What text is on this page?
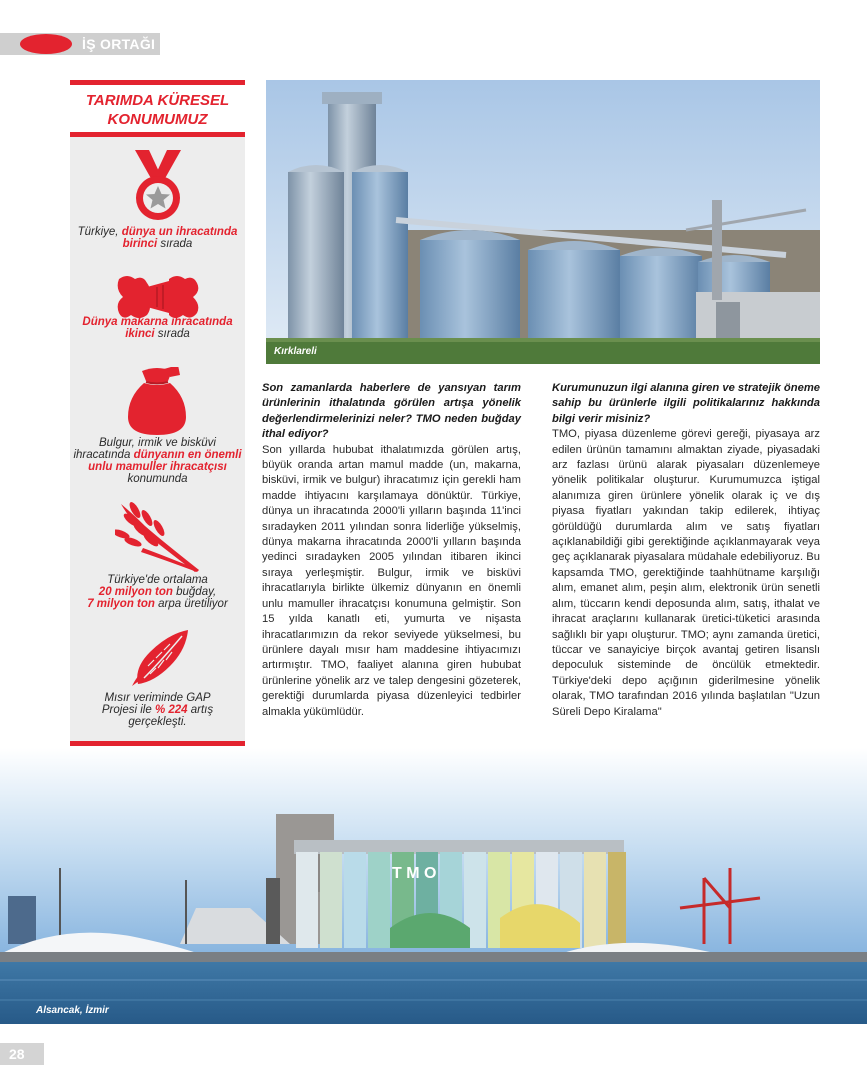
İŞ ORTAĞI
Türkiye, dünya un ihracatında birinci sırada
Dünya makarna ihracatında ikinci sırada
Bulgur, irmik ve bisküvi ihracatında dünyanın en önemli unlu mamuller ihracatçısı konumunda
Türkiye'de ortalama
20 milyon ton buğday,
7 milyon ton arpa üretiliyor
Mısır veriminde GAP
Projesi ile % 224 artış
gerçekleşti.
TARIMDA KÜRESEL
KONUMUMUZ
Kırklareli

Son zamanlarda haberlere de yansıyan tarım ürünlerinin ithalatında görülen artışa yönelik değerlendirmelerinizi neler? TMO neden buğday ithal ediyor?

Son yıllarda hububat ithalatımızda görülen artış, büyük oranda artan mamul madde (un, makarna, bisküvi, irmik ve bulgur) ihracatımız için gerekli ham madde ihtiyacını karşılamaya dönüktür. Türkiye, dünya un ihracatında 2000'li yılların başında 11'inci sıradayken 2011 yılından sonra liderliğe yükselmiş, dünya makarna ihracatında 2000'li yılların başında yedinci sıradayken 2005 yılından itibaren ikinci sıraya yerleşmiştir. Bulgur, irmik ve bisküvi ihracatlarıyla birlikte ülkemiz dünyanın en önemli unlu mamuller ihracatçısı konumuna gelmiştir. Son 15 yılda kanatlı eti, yumurta ve nişasta ihracatlarımızın da rekor seviyede yükselmesi, bu ürünlere dayalı mısır ham maddesine ihtiyacımızı artırmıştır. TMO, faaliyet alanına giren hububat ürünlerine yönelik arz ve talep dengesini gözeterek, gerektiği durumlarda piyasa düzenleyici tedbirler almakla yükümlüdür.

Kurumunuzun ilgi alanına giren ve stratejik öneme sahip bu ürünlerle ilgili politikalarınız hakkında bilgi verir misiniz?

TMO, piyasa düzenleme görevi gereği, piyasaya arz edilen ürünün tamamını almaktan ziyade, piyasadaki arz fazlası ürünü alarak piyasaları düzenlemeye yönelik politikalar oluşturur. Kurumumuzca iştigal alanımıza giren ürünlere yönelik olarak iç ve dış piyasa fiyatları yakından takip edilerek, ihtiyaç görüldüğü durumlarda alım ve satış fiyatları açıklanabildiği gibi gerektiğinde açıklanmayarak veya geç açıklanarak piyasalara müdahale edebiliyoruz. Bu kapsamda TMO, gerektiğinde taahhütname karşılığı alım, emanet alım, peşin alım, elektronik ürün senetli alım, tüccarın kendi deposunda alım, satış, ithalat ve ihracat araçlarını kullanarak üretici-tüketici arasında sağlıklı bir yapı oluşturur. TMO; aynı zamanda üretici, tüccar ve sanayiciye birçok avantaj getiren lisanslı depoculuk sisteminde de öncülük etmektedir. Türkiye'deki depo açığının giderilmesine yönelik olarak, TMO tarafından 2016 yılında başlatılan "Uzun Süreli Depo Kiralama"

T M O
Alsancak, İzmir
28
